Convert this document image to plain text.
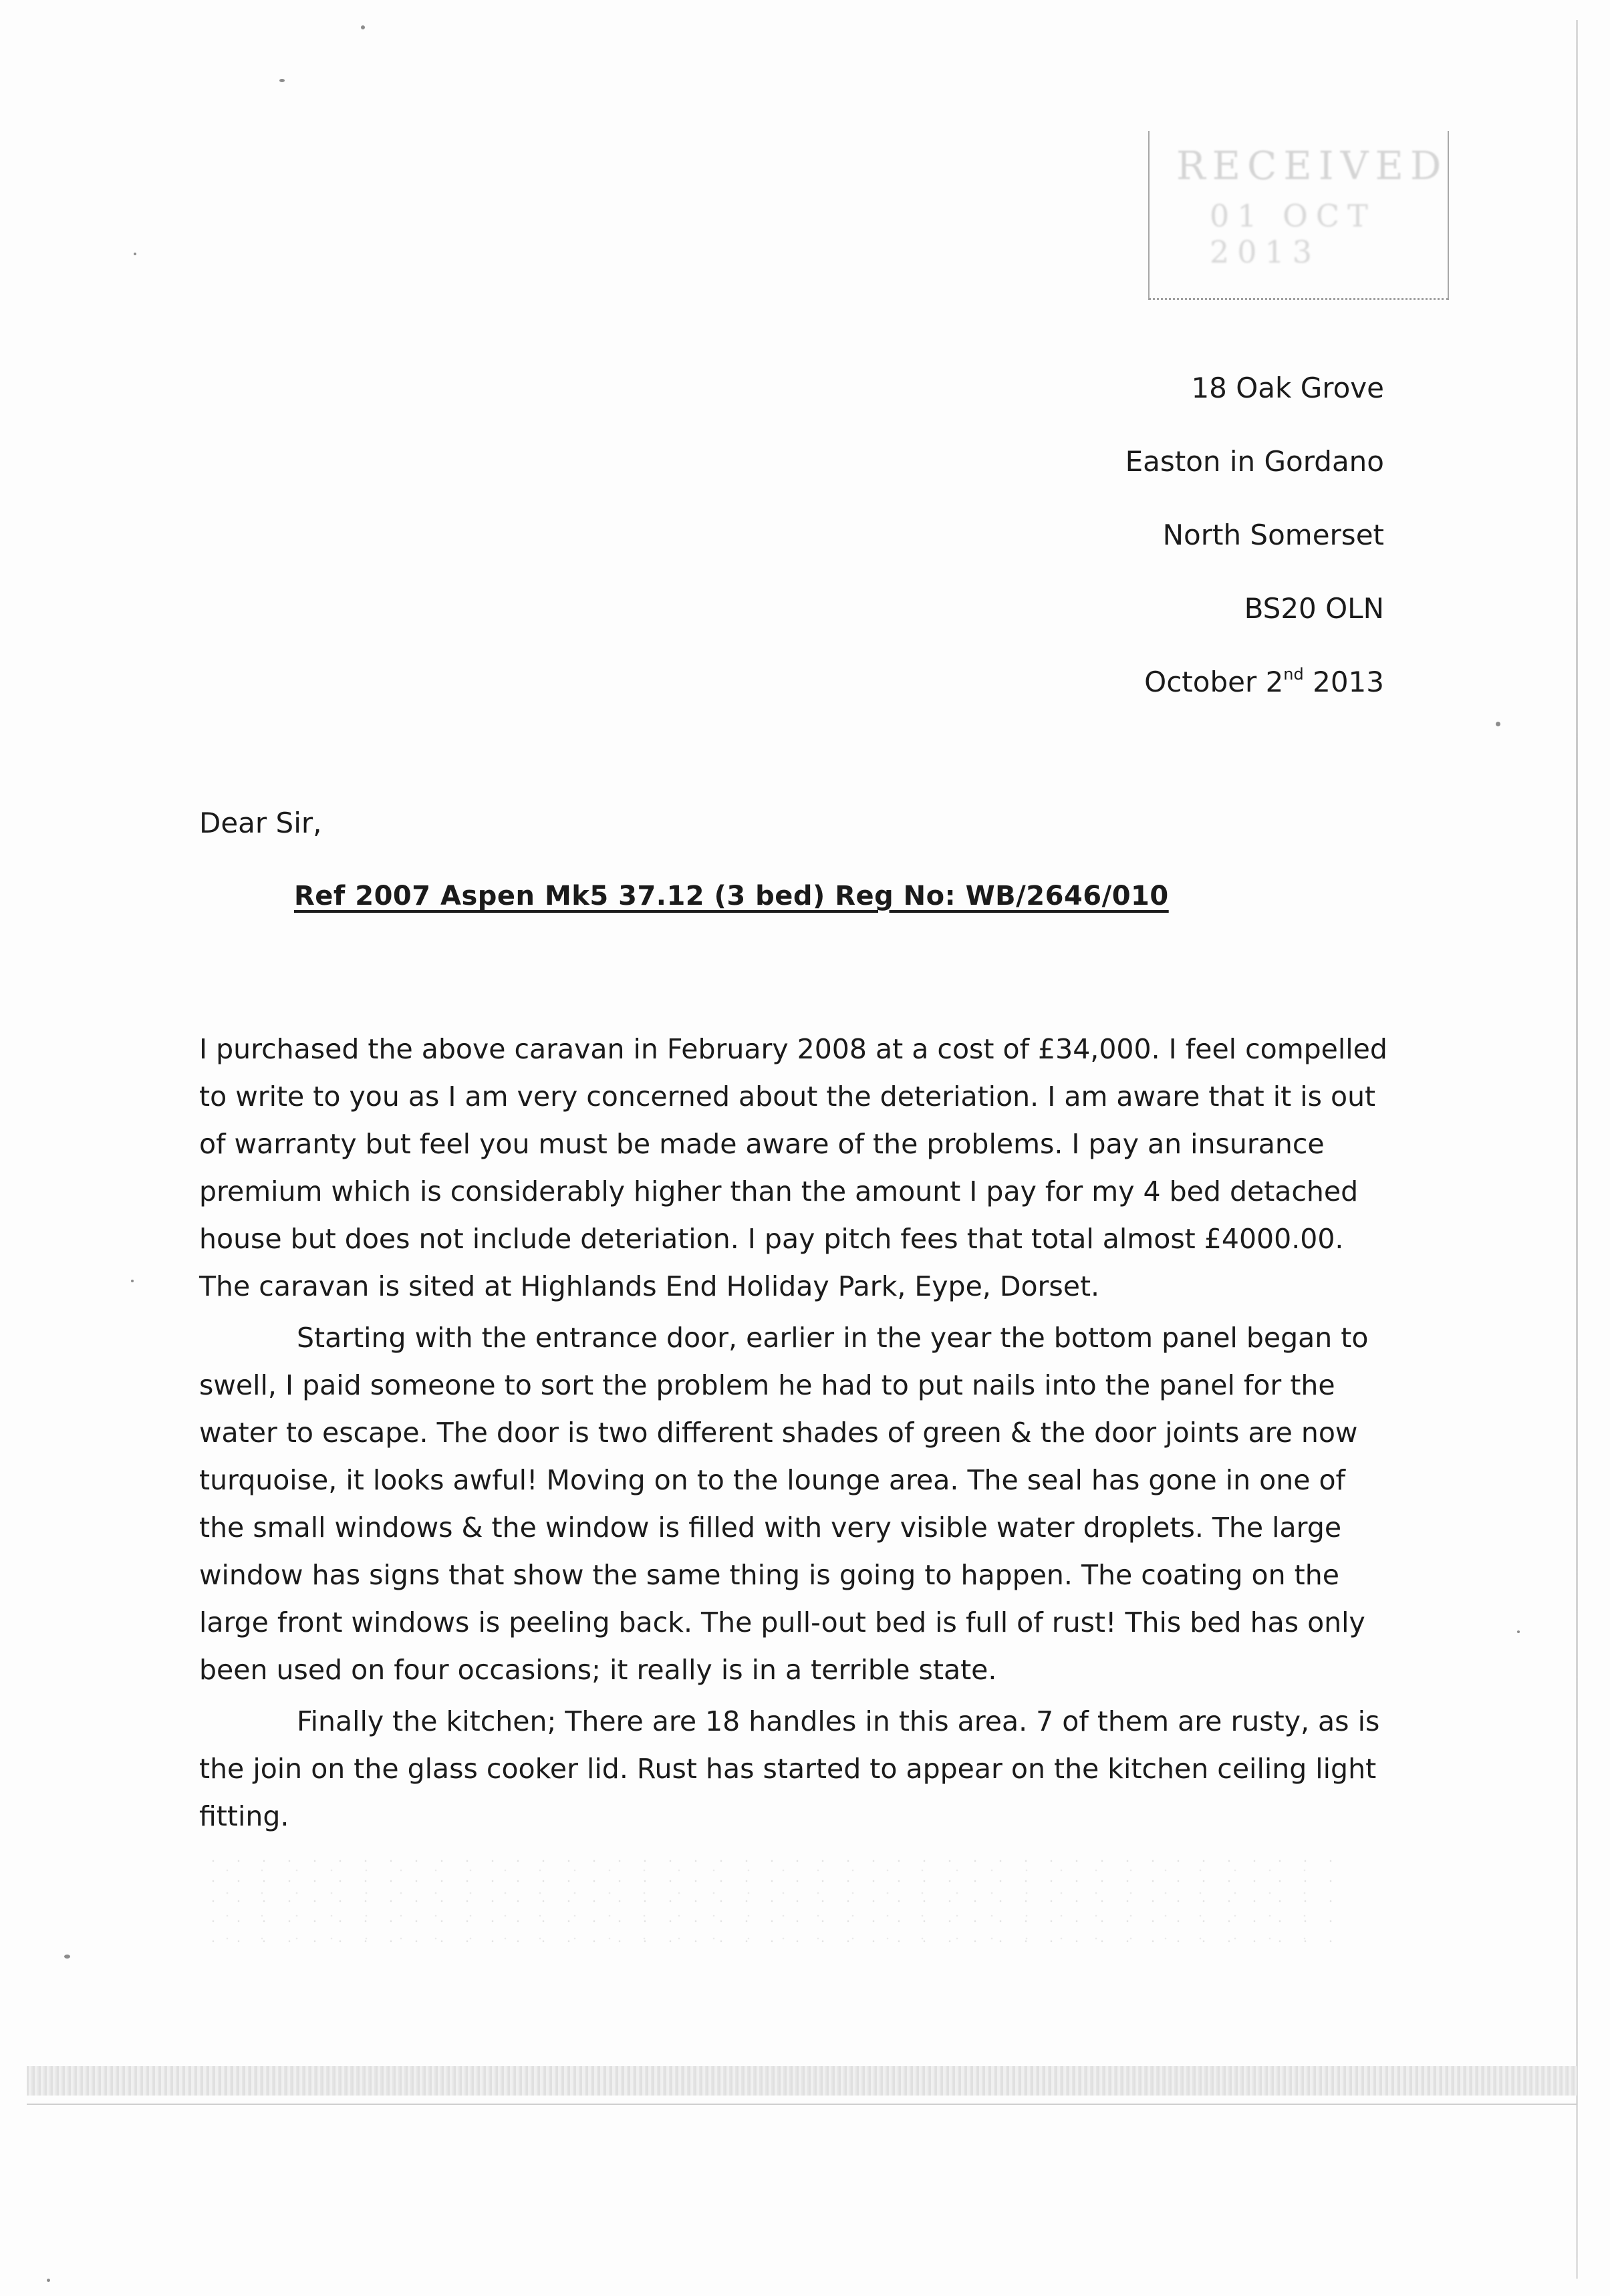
RECEIVED
01 OCT 2013
18 Oak Grove
Easton in Gordano
North Somerset
BS20 OLN
October 2nd 2013
Dear Sir,
Ref 2007 Aspen Mk5 37.12 (3 bed) Reg No: WB/2646/010

I purchased the above caravan in February 2008 at a cost of £34,000. I feel compelled to write to you as I am very concerned about the deteriation. I am aware that it is out of warranty but feel you must be made aware of the problems. I pay an insurance premium which is considerably higher than the amount I pay for my 4 bed detached house but does not include deteriation. I pay pitch fees that total almost £4000.00. The caravan is sited at Highlands End Holiday Park, Eype, Dorset.

Starting with the entrance door, earlier in the year the bottom panel began to swell, I paid someone to sort the problem he had to put nails into the panel for the water to escape. The door is two different shades of green & the door joints are now turquoise, it looks awful! Moving on to the lounge area. The seal has gone in one of the small windows & the window is filled with very visible water droplets. The large window has signs that show the same thing is going to happen. The coating on the large front windows is peeling back. The pull-out bed is full of rust! This bed has only been used on four occasions; it really is in a terrible state.

Finally the kitchen; There are 18 handles in this area. 7 of them are rusty, as is the join on the glass cooker lid. Rust has started to appear on the kitchen ceiling light fitting.
